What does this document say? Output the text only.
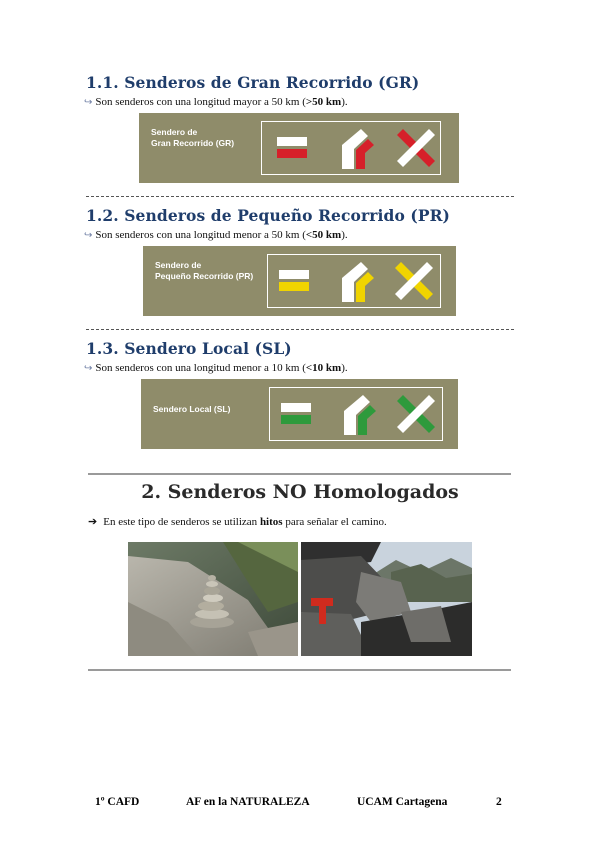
1.1. Senderos de Gran Recorrido (GR)
↪ Son senderos con una longitud mayor a 50 km (>50 km).
Sendero de
Gran Recorrido (GR)
1.2. Senderos de Pequeño Recorrido (PR)
↪ Son senderos con una longitud menor a 50 km (<50 km).
Sendero de
Pequeño Recorrido (PR)
1.3. Sendero Local (SL)
↪ Son senderos con una longitud menor a 10 km (<10 km).
Sendero Local (SL)
2. Senderos NO Homologados
➔ En este tipo de senderos se utilizan hitos para señalar el camino.
1º CAFD	AF en la NATURALEZA	UCAM Cartagena	2
